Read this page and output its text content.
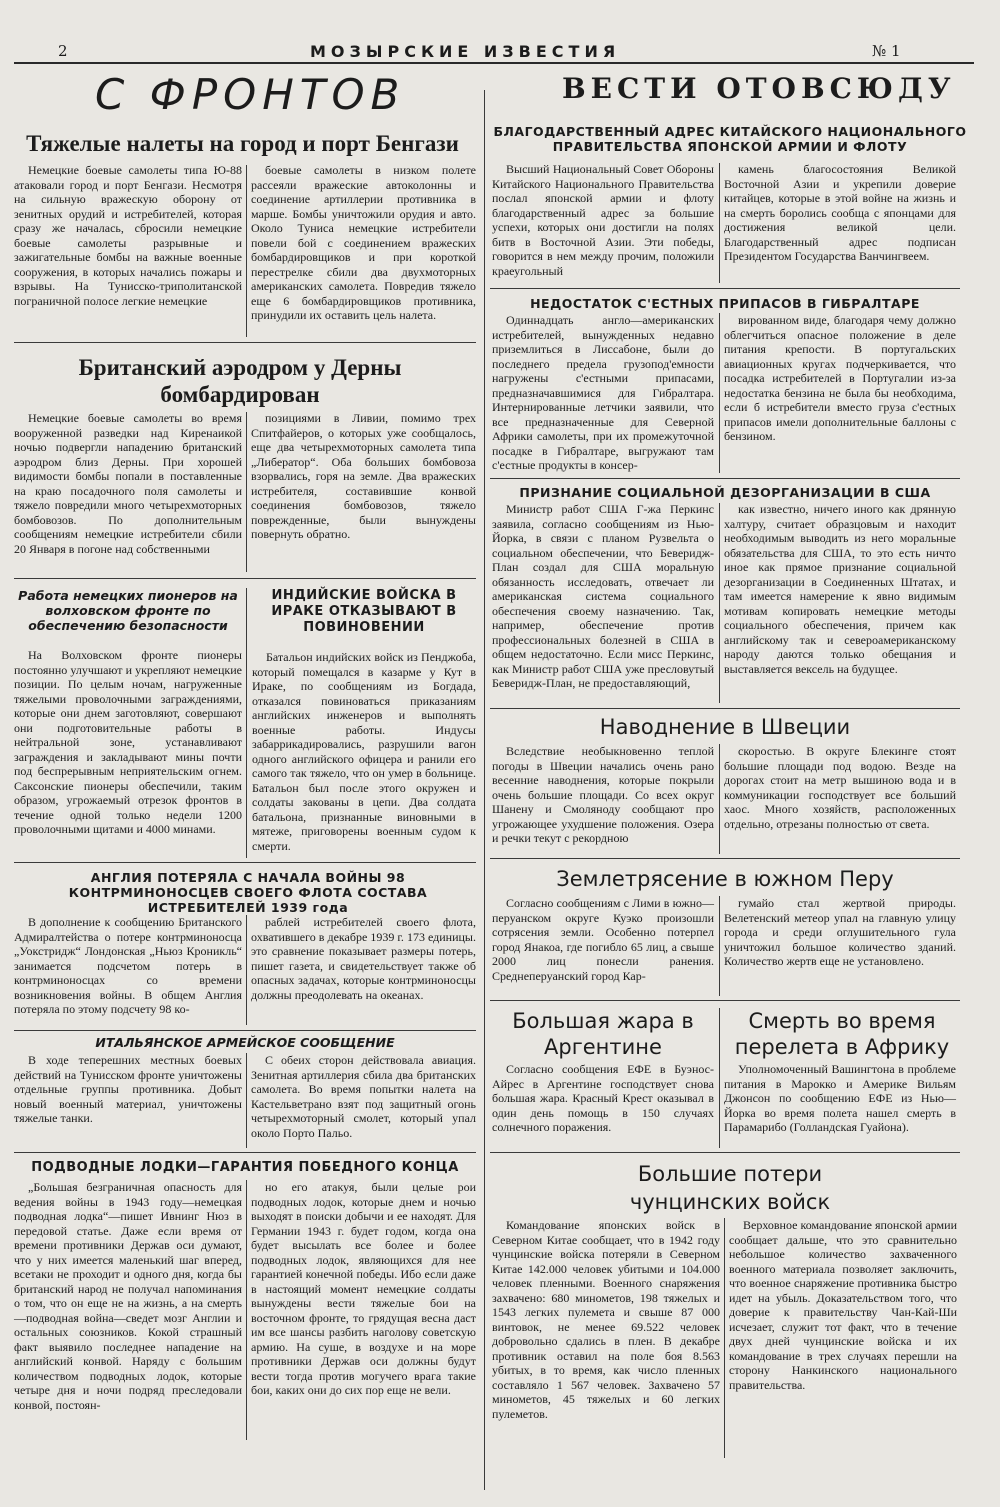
2	МОЗЫРСКИЕ ИЗВЕСТИЯ	№ 1
С ФРОНТОВ
Тяжелые налеты на город и порт Бенгази

Немецкие боевые самолеты типа Ю-88 атаковали город и порт Бенгази. Несмотря на сильную вражескую оборону от зенитных орудий и истребителей, которая сразу же началась, сбросили немецкие боевые самолеты разрывные и зажигательные бомбы на важные военные сооружения, в которых начались пожары и взрывы. На Тунисско-триполитанской пограничной полосе легкие немецкие

боевые самолеты в низком полете рассеяли вражеские автоколонны и соединение артиллерии противника в марше. Бомбы уничтожили орудия и авто. Около Туниса немецкие истребители повели бой с соединением вражеских бомбардировщиков и при короткой перестрелке сбили два двухмоторных американских самолета. Повредив тяжело еще 6 бомбардировщиков противника, принудили их оставить цель налета.

Британский аэродром у Дерны бомбардирован

Немецкие боевые самолеты во время вооруженной разведки над Киренаикой ночью подвергли нападению британский аэродром близ Дерны. При хорошей видимости бомбы попали в поставленные на краю посадочного поля самолеты и тяжело повредили много четырехмоторных бомбовозов. По дополнительным сообщениям немецкие истребители сбили 20 Января в погоне над собственными

позициями в Ливии, помимо трех Спитфайеров, о которых уже сообщалось, еще два четырехмоторных самолета типа „Либератор“. Оба больших бомбовоза взорвались, горя на земле. Два вражеских истребителя, составившие конвой соединения бомбовозов, тяжело поврежденные, были вынуждены повернуть обратно.

Работа немецких пионеров на волховском фронте по обеспечению безопасности

На Волховском фронте пионеры постоянно улучшают и укрепляют немецкие позиции. По целым ночам, нагруженные тяжелыми проволочными заграждениями, которые они днем заготовляют, совершают они подготовительные работы в нейтральной зоне, устанавливают заграждения и закладывают мины почти под беспрерывным неприятельским огнем. Саксонские пионеры обеспечили, таким образом, угрожаемый отрезок фронтов в течение одной только недели 1200 проволочными щитами и 4000 минами.

ИНДИЙСКИЕ ВОЙСКА В ИРАКЕ ОТКАЗЫВАЮТ В ПОВИНОВЕНИИ

Батальон индийских войск из Пенджоба, который помещался в казарме у Кут в Ираке, по сообщениям из Богдада, отказался повиноваться приказаниям английских инженеров и выполнять военные работы. Индусы забаррикадировались, разрушили вагон одного английского офицера и ранили его самого так тяжело, что он умер в больнице. Батальон был после этого окружен и солдаты закованы в цепи. Два солдата батальона, признанные виновными в мятеже, приговорены военным судом к смерти.

АНГЛИЯ ПОТЕРЯЛА С НАЧАЛА ВОЙНЫ 98 КОНТРМИНОНОСЦЕВ СВОЕГО ФЛОТА СОСТАВА ИСТРЕБИТЕЛЕЙ 1939 года

В дополнение к сообщению Британского Адмиралтейства о потере контрминоносца „Уокстридж“ Лондонская „Ньюз Кроникль“ занимается подсчетом потерь в контрминоносцах со времени возникновения войны. В общем Англия потеряла по этому подсчету 98 ко-

раблей истребителей своего флота, охватившего в декабре 1939 г. 173 единицы. это сравнение показывает размеры потерь, пишет газета, и свидетельствует также об опасных задачах, которые контрминоносцы должны преодолевать на океанах.

ИТАЛЬЯНСКОЕ АРМЕЙСКОЕ СООБЩЕНИЕ

В ходе теперешних местных боевых действий на Тунисском фронте уничтожены отдельные группы противника. Добыт новый военный материал, уничтожены тяжелые танки.

С обеих сторон действовала авиация. Зенитная артиллерия сбила два британских самолета. Во время попытки налета на Кастельветрано взят под защитный огонь четырехмоторный смолет, который упал около Порто Пальо.

ПОДВОДНЫЕ ЛОДКИ—ГАРАНТИЯ ПОБЕДНОГО КОНЦА

„Большая безграничная опасность для ведения войны в 1943 году—немецкая подводная лодка“—пишет Ивнинг Нюз в передовой статье. Даже если время от времени противники Держав оси думают, что у них имеется маленький шаг вперед, всетаки не проходит и одного дня, когда бы британский народ не получал напоминания о том, что он еще не на жизнь, а на смерть—подводная война—сведет мозг Англии и остальных союзников. Кокой страшный факт выявило последнее нападение на английский конвой. Наряду с большим количеством подводных лодок, которые четыре дня и ночи подряд преследовали конвой, постоян-

но его атакуя, были целые рои подводных лодок, которые днем и ночью выходят в поиски добычи и ее находят. Для Германии 1943 г. будет годом, когда она будет высылать все более и более подводных лодок, являющихся для нее гарантией конечной победы. Ибо если даже в настоящий момент немецкие солдаты вынуждены вести тяжелые бои на восточном фронте, то грядущая весна даст им все шансы разбить наголову советскую армию. На суше, в воздухе и на море противники Держав оси должны будут вести тогда против могучего врага такие бои, каких они до сих пор еще не вели.

ВЕСТИ ОТОВСЮДУ
БЛАГОДАРСТВЕННЫЙ АДРЕС КИТАЙСКОГО НАЦИОНАЛЬНОГО ПРАВИТЕЛЬСТВА ЯПОНСКОЙ АРМИИ И ФЛОТУ

Высший Национальный Совет Обороны Китайского Национального Правительства послал японской армии и флоту благодарственный адрес за большие успехи, которых они достигли на полях битв в Восточной Азии. Эти победы, говорится в нем между прочим, положили краеугольный

камень благосостояния Великой Восточной Азии и укрепили доверие китайцев, которые в этой войне на жизнь и на смерть боролись сообща с японцами для достижения великой цели. Благодарственный адрес подписан Президентом Государства Ванчингвеем.

НЕДОСТАТОК С'ЕСТНЫХ ПРИПАСОВ В ГИБРАЛТАРЕ

Одиннадцать англо—американских истребителей, вынужденных недавно приземлиться в Лиссабоне, были до последнего предела грузопод'емности нагружены с'естными припасами, предназначавшимися для Гибралтара. Интернированные летчики заявили, что все предназначенные для Северной Африки самолеты, при их промежуточной посадке в Гибралтаре, выгружают там с'естные продукты в консер-

вированном виде, благодаря чему должно облегчиться опасное положение в деле питания крепости. В португальских авиационных кругах подчеркивается, что посадка истребителей в Португалии из-за недостатка бензина не была бы необходима, если б истребители вместо груза с'естных припасов имели дополнительные баллоны с бензином.

ПРИЗНАНИЕ СОЦИАЛЬНОЙ ДЕЗОРГАНИЗАЦИИ В США

Министр работ США Г-жа Перкинс заявила, согласно сообщениям из Нью-Йорка, в связи с планом Рузвельта о социальном обеспечении, что Беверидж-План создал для США моральную обязанность исследовать, отвечает ли американская система социального обеспечения своему назначению. Так, например, обеспечение против профессиональных болезней в США в общем недостаточно. Если мисс Перкинс, как Министр работ США уже пресловутый Беверидж-План, не предоставляющий,

как известно, ничего иного как дрянную халтуру, считает образцовым и находит необходимым выводить из него моральные обязательства для США, то это есть ничто иное как прямое признание социальной дезорганизации в Соединенных Штатах, и там имеется намерение к явно видимым мотивам копировать немецкие методы социального обеспечения, причем как английскому так и североамериканскому народу даются только обещания и выставляется вексель на будущее.

Наводнение в Швеции

Вследствие необыкновенно теплой погоды в Швеции начались очень рано весенние наводнения, которые покрыли очень большие площади. Со всех округ Шанену и Смоляноду сообщают про угрожающее ухудшение положения. Озера и речки текут с рекордною

скоростью. В округе Блекинге стоят большие площади под водою. Везде на дорогах стоит на метр вышиною вода и в коммуникации господствует все больший хаос. Много хозяйств, расположенных отдельно, отрезаны полностью от света.

Землетрясение в южном Перу

Согласно сообщениям с Лими в южно—перуанском округе Куэко произошли сотрясения земли. Особенно потерпел город Янакоа, где погибло 65 лиц, а свыше 2000 лиц понесли ранения. Среднеперуанский город Кар-

гумайо стал жертвой природы. Велетенский метеор упал на главную улицу города и среди оглушительного гула уничтожил большое количество зданий. Количество жертв еще не установлено.

Большая жара в Аргентине

Согласно сообщения ЕФЕ в Буэнос-Айрес в Аргентине господствует снова большая жара. Красный Крест оказывал в один день помощь в 150 случаях солнечного поражения.

Смерть во время перелета в Африку

Уполномоченный Вашингтона в проблеме питания в Марокко и Америке Вильям Джонсон по сообщению ЕФЕ из Нью—Йорка во время полета нашел смерть в Парамарибо (Голландская Гуайона).

Большие потери чунцинских войск

Командование японских войск в Северном Китае сообщает, что в 1942 году чунцинские войска потеряли в Северном Китае 142.000 человек убитыми и 104.000 человек пленными. Военного снаряжения захвачено: 680 минометов, 198 тяжелых и 1543 легких пулемета и свыше 87 000 винтовок, не менее 69.522 человек добровольно сдались в плен. В декабре противник оставил на поле боя 8.563 убитых, в то время, как число пленных составляло 1 567 человек. Захвачено 57 минометов, 45 тяжелых и 60 легких пулеметов.

Верховное командование японской армии сообщает дальше, что это сравнительно небольшое количество захваченного военного материала позволяет заключить, что военное снаряжение противника быстро идет на убыль. Доказательством того, что доверие к правительству Чан-Кай-Ши исчезает, служит тот факт, что в течение двух дней чунцинские войска и их командование в трех случаях перешли на сторону Нанкинского национального правительства.
